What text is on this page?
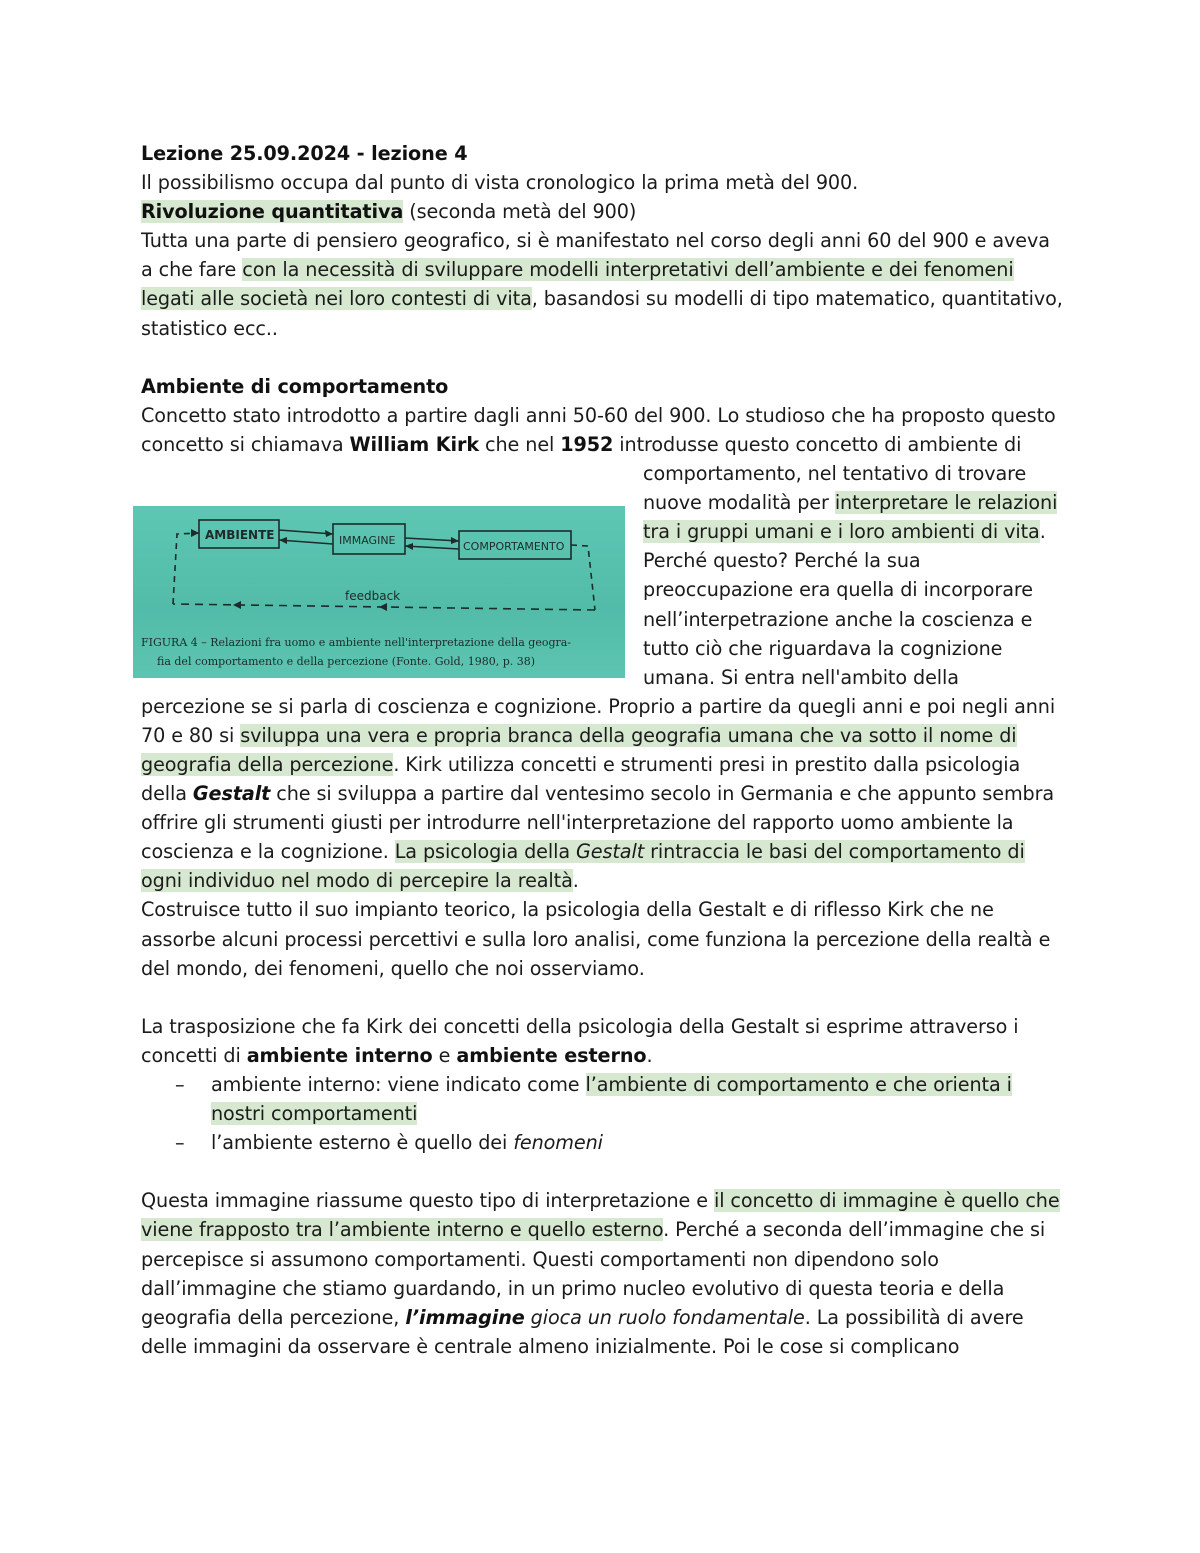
Lezione 25.09.2024 - lezione 4

Il possibilismo occupa dal punto di vista cronologico la prima metà del 900.

Rivoluzione quantitativa (seconda metà del 900)

Tutta una parte di pensiero geografico, si è manifestato nel corso degli anni 60 del 900 e aveva a che fare con la necessità di sviluppare modelli interpretativi dell’ambiente e dei fenomeni legati alle società nei loro contesti di vita, basandosi su modelli di tipo matematico, quantitativo, statistico ecc..

Ambiente di comportamento

Concetto stato introdotto a partire dagli anni 50-60 del 900. Lo studioso che ha proposto questo concetto si chiamava William Kirk che nel 1952 introdusse questo concetto di ambiente di comportamento, nel tentativo di trovare nuove modalità per interpretare le relazioni tra i gruppi umani e i loro ambienti di vita. Perché questo? Perché la sua preoccupazione era quella di incorporare nell’interpetrazione anche la coscienza e tutto ciò che riguardava la cognizione umana. Si entra nell'ambito della percezione se si parla di coscienza e cognizione. Proprio a partire da quegli anni e poi negli anni 70 e 80 si sviluppa una vera e propria branca della geografia umana che va sotto il nome di geografia della percezione. Kirk utilizza concetti e strumenti presi in prestito dalla psicologia della Gestalt che si sviluppa a partire dal ventesimo secolo in Germania e che appunto sembra offrire gli strumenti giusti per introdurre nell'interpretazione del rapporto uomo ambiente la coscienza e la cognizione. La psicologia della Gestalt rintraccia le basi del comportamento di ogni individuo nel modo di percepire la realtà.

Costruisce tutto il suo impianto teorico, la psicologia della Gestalt e di riflesso Kirk che ne assorbe alcuni processi percettivi e sulla loro analisi, come funziona la percezione della realtà e del mondo, dei fenomeni, quello che noi osserviamo.

La trasposizione che fa Kirk dei concetti della psicologia della Gestalt si esprime attraverso i concetti di ambiente interno e ambiente esterno.

– ambiente interno: viene indicato come l’ambiente di comportamento e che orienta i nostri comportamenti
– l’ambiente esterno è quello dei fenomeni

Questa immagine riassume questo tipo di interpretazione e il concetto di immagine è quello che viene frapposto tra l’ambiente interno e quello esterno. Perché a seconda dell’immagine che si percepisce si assumono comportamenti. Questi comportamenti non dipendono solo dall’immagine che stiamo guardando, in un primo nucleo evolutivo di questa teoria e della geografia della percezione, l’immagine gioca un ruolo fondamentale. La possibilità di avere delle immagini da osservare è centrale almeno inizialmente. Poi le cose si complicano

AMBIENTE	IMMAGINE	COMPORTAMENTO
feedback
FIGURA 4 – Relazioni fra uomo e ambiente nell'interpretazione della geogra-
fia del comportamento e della percezione (Fonte. Gold, 1980, p. 38)
